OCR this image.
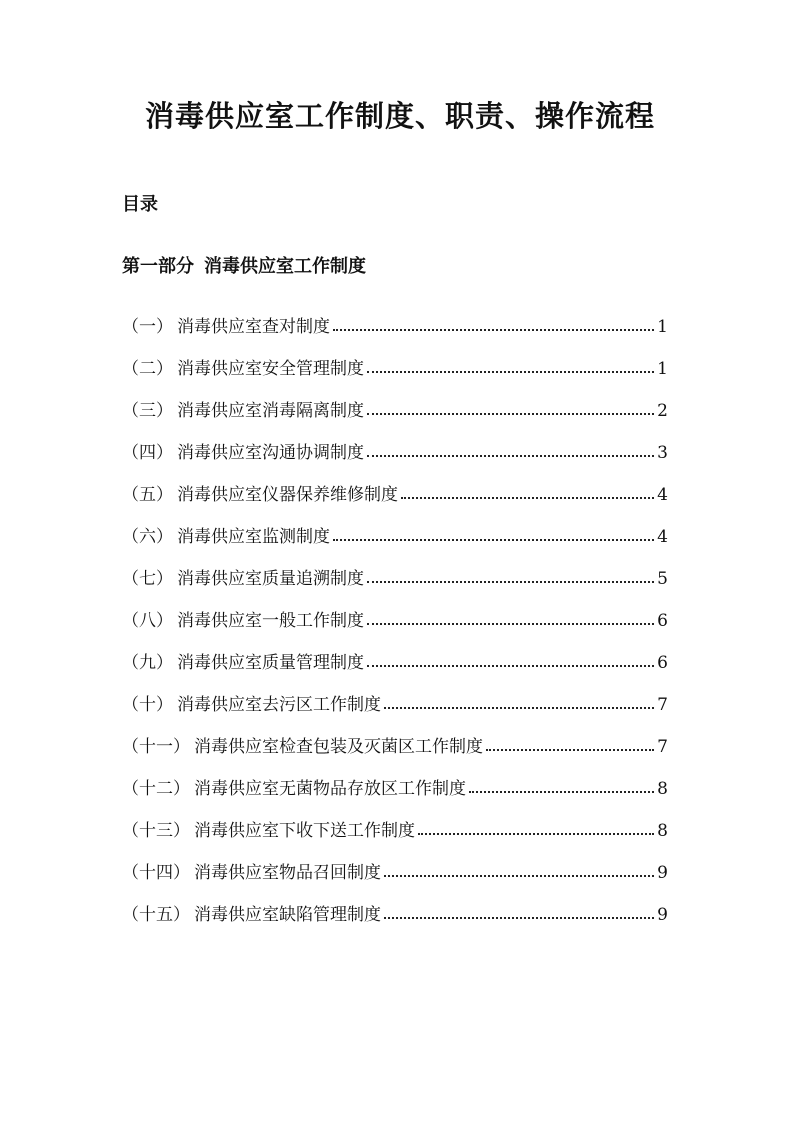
消毒供应室工作制度、职责、操作流程
目录
第一部分 消毒供应室工作制度
（一） 消毒供应室查对制度	1
（二） 消毒供应室安全管理制度	1
（三） 消毒供应室消毒隔离制度	2
（四） 消毒供应室沟通协调制度	3
（五） 消毒供应室仪器保养维修制度	4
（六） 消毒供应室监测制度	4
（七） 消毒供应室质量追溯制度	5
（八） 消毒供应室一般工作制度	6
（九） 消毒供应室质量管理制度	6
（十） 消毒供应室去污区工作制度	7
（十一） 消毒供应室检查包装及灭菌区工作制度	7
（十二） 消毒供应室无菌物品存放区工作制度	8
（十三） 消毒供应室下收下送工作制度	8
（十四） 消毒供应室物品召回制度	9
（十五） 消毒供应室缺陷管理制度	9
